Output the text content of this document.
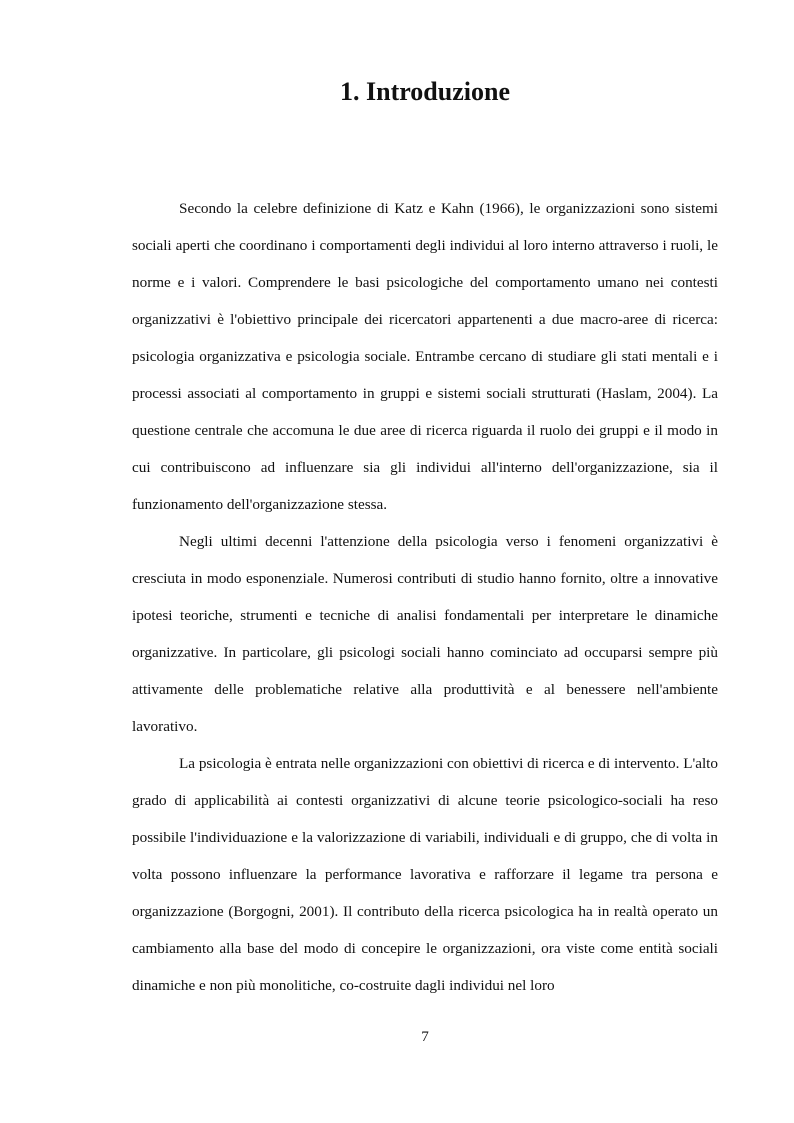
1. Introduzione

Secondo la celebre definizione di Katz e Kahn (1966), le organizzazioni sono sistemi sociali aperti che coordinano i comportamenti degli individui al loro interno attraverso i ruoli, le norme e i valori. Comprendere le basi psicologiche del comportamento umano nei contesti organizzativi è l'obiettivo principale dei ricercatori appartenenti a due macro-aree di ricerca: psicologia organizzativa e psicologia sociale. Entrambe cercano di studiare gli stati mentali e i processi associati al comportamento in gruppi e sistemi sociali strutturati (Haslam, 2004). La questione centrale che accomuna le due aree di ricerca riguarda il ruolo dei gruppi e il modo in cui contribuiscono ad influenzare sia gli individui all'interno dell'organizzazione, sia il funzionamento dell'organizzazione stessa.

Negli ultimi decenni l'attenzione della psicologia verso i fenomeni organizzativi è cresciuta in modo esponenziale. Numerosi contributi di studio hanno fornito, oltre a innovative ipotesi teoriche, strumenti e tecniche di analisi fondamentali per interpretare le dinamiche organizzative. In particolare, gli psicologi sociali hanno cominciato ad occuparsi sempre più attivamente delle problematiche relative alla produttività e al benessere nell'ambiente lavorativo.

La psicologia è entrata nelle organizzazioni con obiettivi di ricerca e di intervento. L'alto grado di applicabilità ai contesti organizzativi di alcune teorie psicologico-sociali ha reso possibile l'individuazione e la valorizzazione di variabili, individuali e di gruppo, che di volta in volta possono influenzare la performance lavorativa e rafforzare il legame tra persona e organizzazione (Borgogni, 2001). Il contributo della ricerca psicologica ha in realtà operato un cambiamento alla base del modo di concepire le organizzazioni, ora viste come entità sociali dinamiche e non più monolitiche, co-costruite dagli individui nel loro

7
